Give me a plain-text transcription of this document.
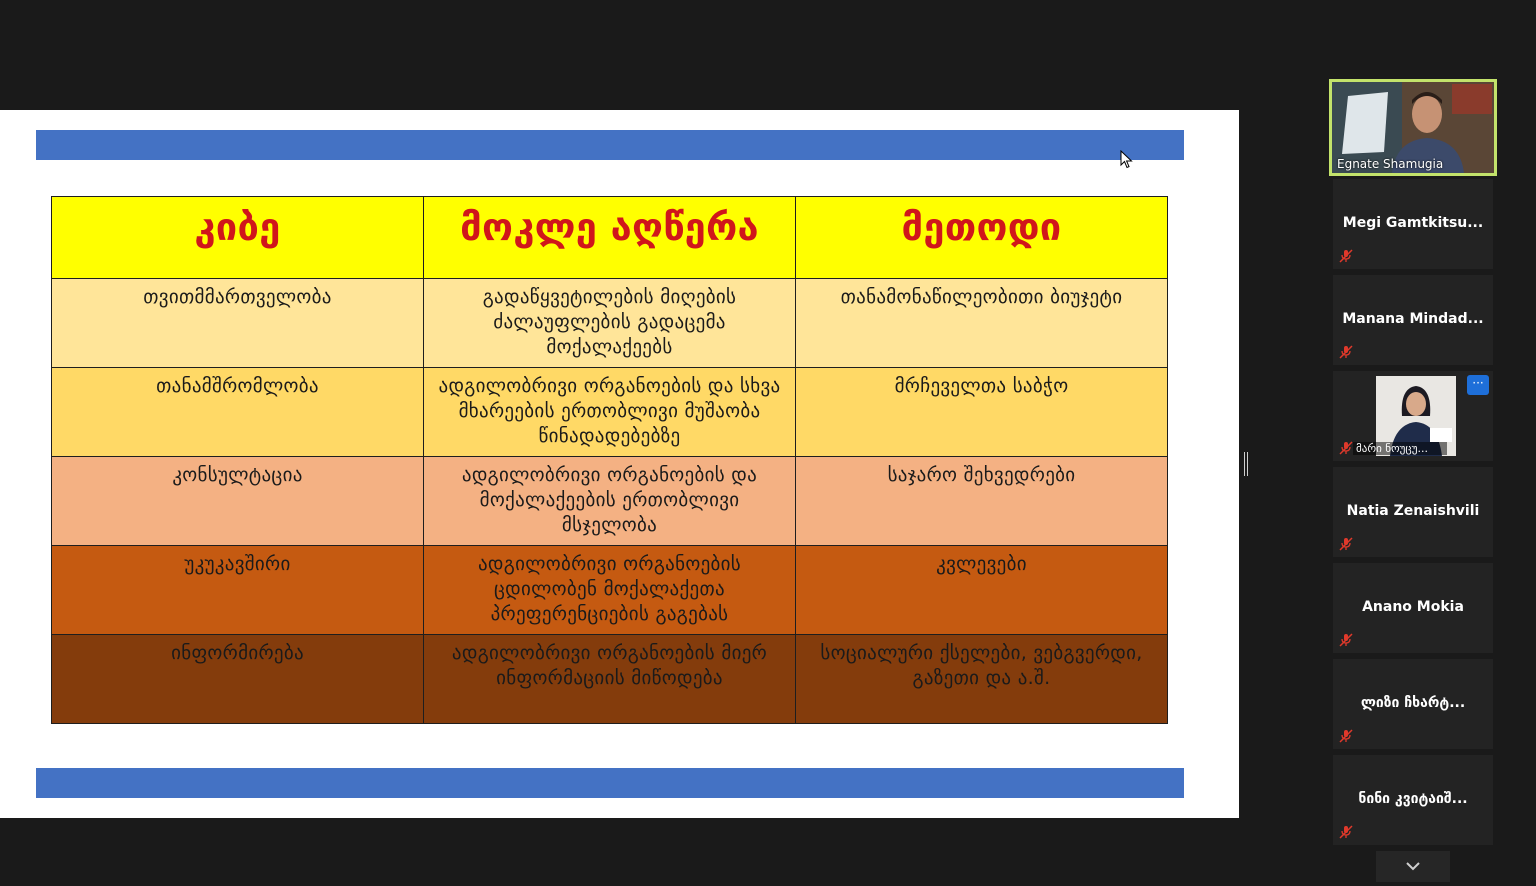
კიბე	მოკლე აღწერა	მეთოდი
თვითმმართველობა	გადაწყვეტილების მიღების ძალაუფლების გადაცემა მოქალაქეებს	თანამონაწილეობითი ბიუჯეტი
თანამშრომლობა	ადგილობრივი ორგანოების და სხვა მხარეების ერთობლივი მუშაობა წინადადებებზე	მრჩეველთა საბჭო
კონსულტაცია	ადგილობრივი ორგანოების და მოქალაქეების ერთობლივი მსჯელობა	საჯარო შეხვედრები
უკუკავშირი	ადგილობრივი ორგანოების ცდილობენ მოქალაქეთა პრეფერენციების გაგებას	კვლევები
ინფორმირება	ადგილობრივი ორგანოების მიერ ინფორმაციის მიწოდება	სოციალური ქსელები, ვებგვერდი, გაზეთი და ა.შ.
Egnate Shamugia
Megi Gamtkitsu...
Manana Mindad...
მარი ნოუცუ...
···
Natia Zenaishvili
Anano Mokia
ლიზი ჩხარტ...
ნინი კვიტაიშ...
